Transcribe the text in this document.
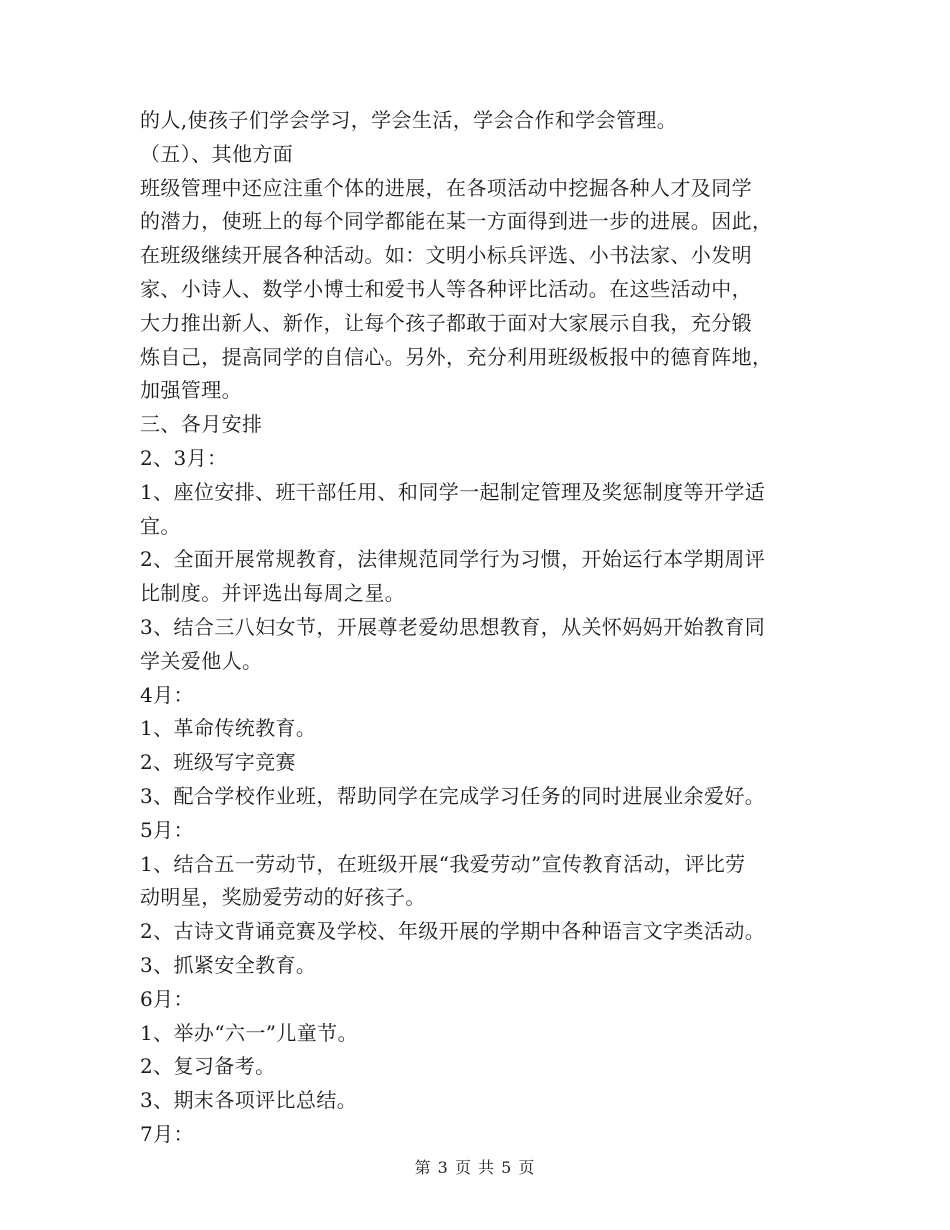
的人,使孩子们学会学习，学会生活，学会合作和学会管理。
（五）、其他方面
班级管理中还应注重个体的进展，在各项活动中挖掘各种人才及同学
的潜力，使班上的每个同学都能在某一方面得到进一步的进展。因此，
在班级继续开展各种活动。如：文明小标兵评选、小书法家、小发明
家、小诗人、数学小博士和爱书人等各种评比活动。在这些活动中，
大力推出新人、新作，让每个孩子都敢于面对大家展示自我，充分锻
炼自己，提高同学的自信心。另外，充分利用班级板报中的德育阵地，
加强管理。
三、各月安排
2、3月：
1、座位安排、班干部任用、和同学一起制定管理及奖惩制度等开学适
宜。
2、全面开展常规教育，法律规范同学行为习惯，开始运行本学期周评
比制度。并评选出每周之星。
3、结合三八妇女节，开展尊老爱幼思想教育，从关怀妈妈开始教育同
学关爱他人。
4月：
1、革命传统教育。
2、班级写字竞赛
3、配合学校作业班，帮助同学在完成学习任务的同时进展业余爱好。
5月：
1、结合五一劳动节，在班级开展“我爱劳动”宣传教育活动，评比劳
动明星，奖励爱劳动的好孩子。
2、古诗文背诵竞赛及学校、年级开展的学期中各种语言文字类活动。
3、抓紧安全教育。
6月：
1、举办“六一”儿童节。
2、复习备考。
3、期末各项评比总结。
7月：
第 3 页 共 5 页
